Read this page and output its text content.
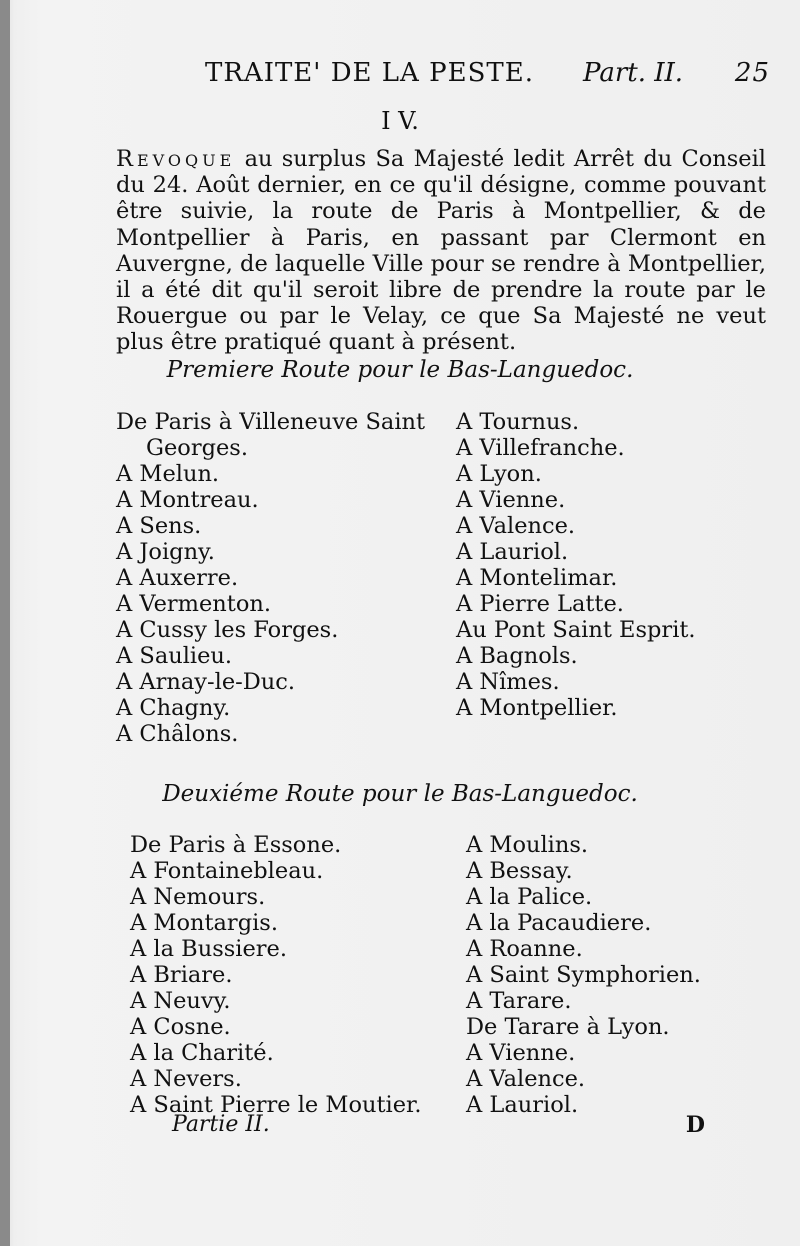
TRAITE' DE LA PESTE. Part. II. 25
I V.
Revoque au surplus Sa Majesté ledit Arrêt du Conseil du 24. Août dernier, en ce qu'il désigne, comme pouvant être suivie, la route de Paris à Montpellier, & de Montpellier à Paris, en passant par Clermont en Auvergne, de laquelle Ville pour se rendre à Montpellier, il a été dit qu'il seroit libre de prendre la route par le Rouergue ou par le Velay, ce que Sa Majesté ne veut plus être pratiqué quant à présent.
Premiere Route pour le Bas-Languedoc.
De Paris à Villeneuve Saint
Georges.
A Melun.
A Montreau.
A Sens.
A Joigny.
A Auxerre.
A Vermenton.
A Cussy les Forges.
A Saulieu.
A Arnay-le-Duc.
A Chagny.
A Châlons.
A Tournus.
A Villefranche.
A Lyon.
A Vienne.
A Valence.
A Lauriol.
A Montelimar.
A Pierre Latte.
Au Pont Saint Esprit.
A Bagnols.
A Nîmes.
A Montpellier.
Deuxiéme Route pour le Bas-Languedoc.
De Paris à Essone.
A Fontainebleau.
A Nemours.
A Montargis.
A la Bussiere.
A Briare.
A Neuvy.
A Cosne.
A la Charité.
A Nevers.
A Saint Pierre le Moutier.
A Moulins.
A Bessay.
A la Palice.
A la Pacaudiere.
A Roanne.
A Saint Symphorien.
A Tarare.
De Tarare à Lyon.
A Vienne.
A Valence.
A Lauriol.
Partie II.	D
